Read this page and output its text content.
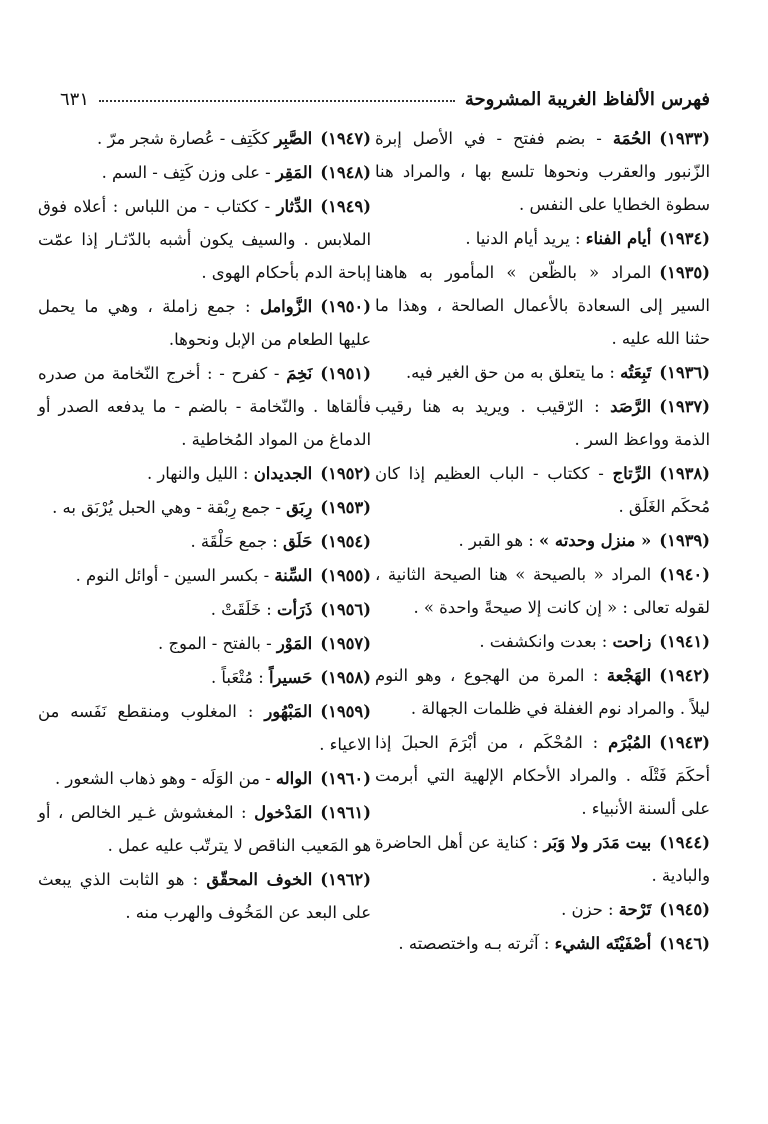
فهرس الألفاظ الغريبة المشروحة
٦٣١
(١٩٣٣)الحُمَة - بضم ففتح - في الأصل إبرة الزّنبور والعقرب ونحوها تلسع بها ، والمراد هنا سطوة الخطايا على النفس .
(١٩٣٤)أيام الفناء : يريد أيام الدنيا .
(١٩٣٥)المراد « بالظّعن » المأمور به هاهنا السير إلى السعادة بالأعمال الصالحة ، وهذا ما حثنا الله عليه .
(١٩٣٦)تَبِعَتُه : ما يتعلق به من حق الغير فيه.
(١٩٣٧)الرَّصَد : الرّقيب . ويريد به هنا رقيب الذمة وواعظ السر .
(١٩٣٨)الرِّتاج - ككتاب - الباب العظيم إذا كان مُحكَم الغَلَق .
(١٩٣٩)« منزل وحدته » : هو القبر .
(١٩٤٠)المراد « بالصيحة » هنا الصيحة الثانية ، لقوله تعالى : « إن كانت إلا صيحةً واحدة » .
(١٩٤١)زاحت : بعدت وانكشفت .
(١٩٤٢)الهَجْعة : المرة من الهجوع ، وهو النوم ليلاً . والمراد نوم الغفلة في ظلمات الجهالة .
(١٩٤٣)المُبْرَم : المُحْكَم ، من أبْرَمَ الحبلَ إذا أحكَمَ فَتْلَه . والمراد الأحكام الإلهية التي أبرمت على ألسنة الأنبياء .
(١٩٤٤)بيت مَدَر ولا وَبَر : كناية عن أهل الحاضرة والبادية .
(١٩٤٥)تَرْحة : حزن .
(١٩٤٦)أصْفَيْتَه الشيء : آثرته بـه واختصصته .
(١٩٤٧)الصَّبِر ككَتِف - عُصارة شجر مرّ .
(١٩٤٨)المَقِر - على وزن كَتِف - السم .
(١٩٤٩)الدِّثار - ككتاب - من اللباس : أعلاه فوق الملابس . والسيف يكون أشبه بالدّثـار إذا عمّت إباحة الدم بأحكام الهوى .
(١٩٥٠)الزَّوامل : جمع زاملة ، وهي ما يحمل عليها الطعام من الإبل ونحوها.
(١٩٥١)نَخِمَ - كفرح - : أخرج النّخامة من صدره فألقاها . والنّخامة - بالضم - ما يدفعه الصدر أو الدماغ من المواد المُخاطية .
(١٩٥٢)الجديدان : الليل والنهار .
(١٩٥٣)رِبَق - جمع رِبْقة - وهي الحبل يُرْبَق به .
(١٩٥٤)حَلَق : جمع حَلْقَة .
(١٩٥٥)السِّنة - بكسر السين - أوائل النوم .
(١٩٥٦)ذَرَأت : خَلَقَتْ .
(١٩٥٧)المَوْر - بالفتح - الموج .
(١٩٥٨)حَسيراً : مُتْعَباً .
(١٩٥٩)المَبْهُور : المغلوب ومنقطع نَفَسه من الاعياء .
(١٩٦٠)الواله - من الوَلَه - وهو ذهاب الشعور .
(١٩٦١)المَدْخول : المغشوش غـير الخالص ، أو هو المَعيب الناقص لا يترتّب عليه عمل .
(١٩٦٢)الخوف المحقّق : هو الثابت الذي يبعث على البعد عن المَخُوف والهرب منه .
